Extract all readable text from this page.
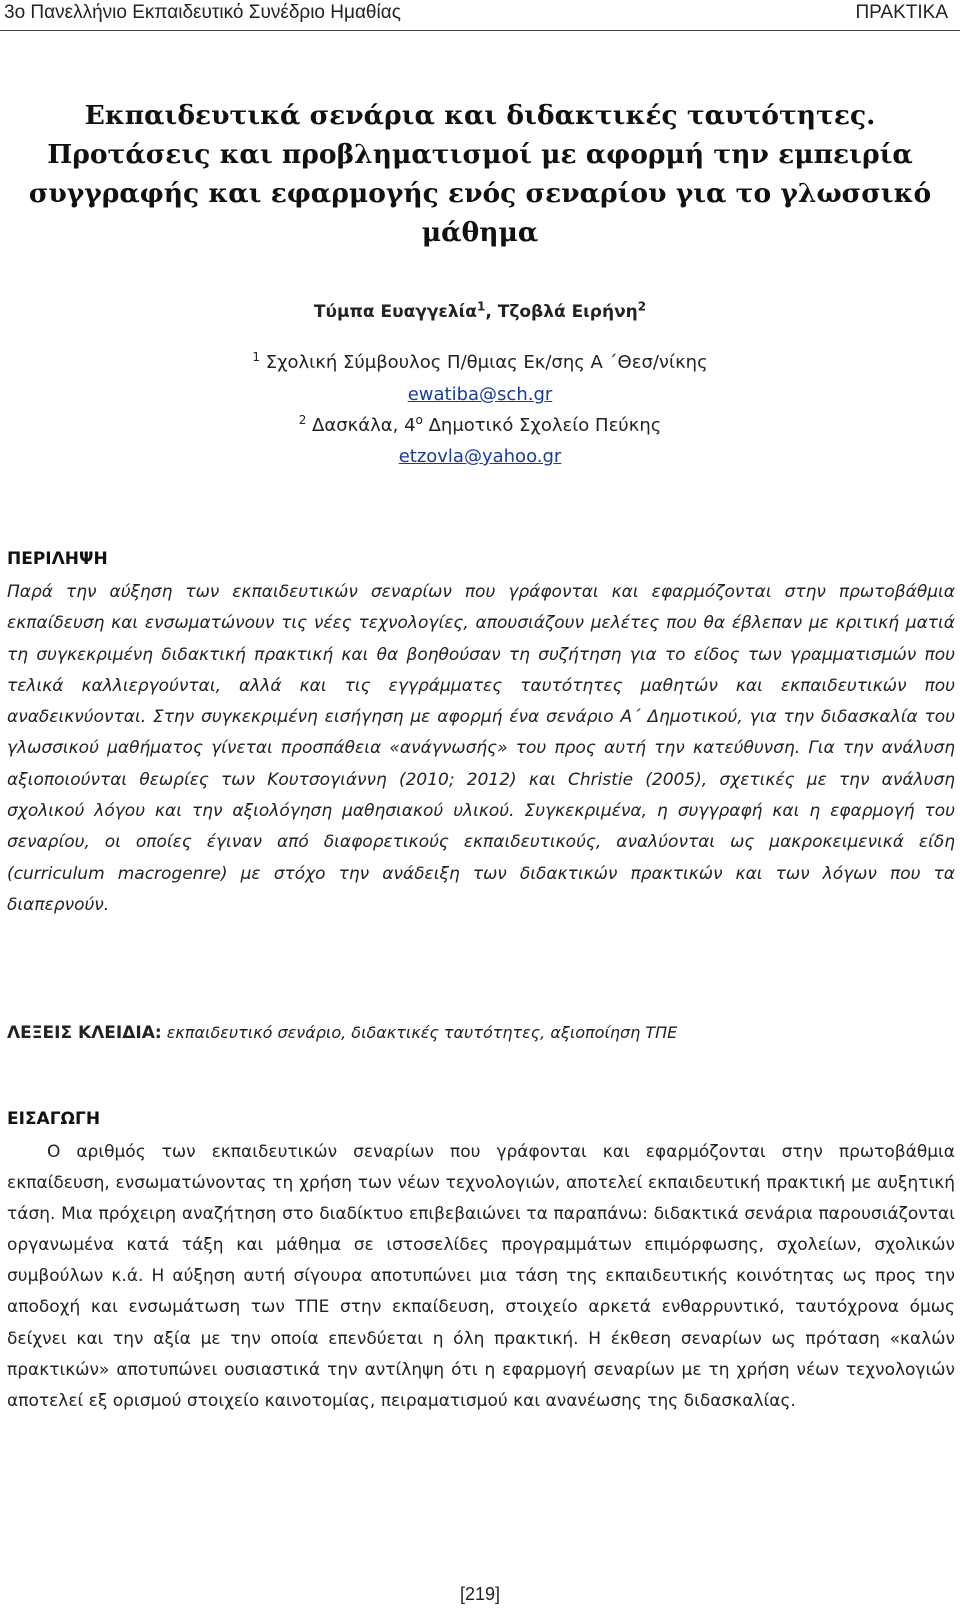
3ο Πανελλήνιο Εκπαιδευτικό Συνέδριο Ημαθίας	ΠΡΑΚΤΙΚΑ
Εκπαιδευτικά σενάρια και διδακτικές ταυτότητες.
Προτάσεις και προβληματισμοί με αφορμή την εμπειρία
συγγραφής και εφαρμογής ενός σεναρίου για το γλωσσικό
μάθημα
Τύμπα Ευαγγελία$^1$, Τζοβλά Ειρήνη$^2$
$^1$ Σχολική Σύμβουλος Π/θμιας Εκ/σης Α ΄Θεσ/νίκης
ewatiba@sch.gr
$^2$ Δασκάλα, $4^o$ Δημοτικό Σχολείο Πεύκης
etzovla@yahoo.gr
ΠΕΡΙΛΗΨΗ

Παρά την αύξηση των εκπαιδευτικών σεναρίων που γράφονται και εφαρμόζονται στην πρωτοβάθμια εκπαίδευση και ενσωματώνουν τις νέες τεχνολογίες, απουσιάζουν μελέτες που θα έβλεπαν με κριτική ματιά τη συγκεκριμένη διδακτική πρακτική και θα βοηθούσαν τη συζήτηση για το είδος των γραμματισμών που τελικά καλλιεργούνται, αλλά και τις εγγράμματες ταυτότητες μαθητών και εκπαιδευτικών που αναδεικνύονται. Στην συγκεκριμένη εισήγηση με αφορμή ένα σενάριο Α΄ Δημοτικού, για την διδασκαλία του γλωσσικού μαθήματος γίνεται προσπάθεια «ανάγνωσής» του προς αυτή την κατεύθυνση. Για την ανάλυση αξιοποιούνται θεωρίες των Κουτσογιάννη (2010; 2012) και Christie (2005), σχετικές με την ανάλυση σχολικού λόγου και την αξιολόγηση μαθησιακού υλικού. Συγκεκριμένα, η συγγραφή και η εφαρμογή του σεναρίου, οι οποίες έγιναν από διαφορετικούς εκπαιδευτικούς, αναλύονται ως μακροκειμενικά είδη (curriculum macrogenre) με στόχο την ανάδειξη των διδακτικών πρακτικών και των λόγων που τα διαπερνούν.

ΛΕΞΕΙΣ ΚΛΕΙΔΙΑ: εκπαιδευτικό σενάριο, διδακτικές ταυτότητες, αξιοποίηση ΤΠΕ
ΕΙΣΑΓΩΓΗ

Ο αριθμός των εκπαιδευτικών σεναρίων που γράφονται και εφαρμόζονται στην πρωτοβάθμια εκπαίδευση, ενσωματώνοντας τη χρήση των νέων τεχνολογιών, αποτελεί εκπαιδευτική πρακτική με αυξητική τάση. Μια πρόχειρη αναζήτηση στο διαδίκτυο επιβεβαιώνει τα παραπάνω: διδακτικά σενάρια παρουσιάζονται οργανωμένα κατά τάξη και μάθημα σε ιστοσελίδες προγραμμάτων επιμόρφωσης, σχολείων, σχολικών συμβούλων κ.ά. Η αύξηση αυτή σίγουρα αποτυπώνει μια τάση της εκπαιδευτικής κοινότητας ως προς την αποδοχή και ενσωμάτωση των ΤΠΕ στην εκπαίδευση, στοιχείο αρκετά ενθαρρυντικό, ταυτόχρονα όμως δείχνει και την αξία με την οποία επενδύεται η όλη πρακτική. Η έκθεση σεναρίων ως πρόταση «καλών πρακτικών» αποτυπώνει ουσιαστικά την αντίληψη ότι η εφαρμογή σεναρίων με τη χρήση νέων τεχνολογιών αποτελεί εξ ορισμού στοιχείο καινοτομίας, πειραματισμού και ανανέωσης της διδασκαλίας.

[219]
